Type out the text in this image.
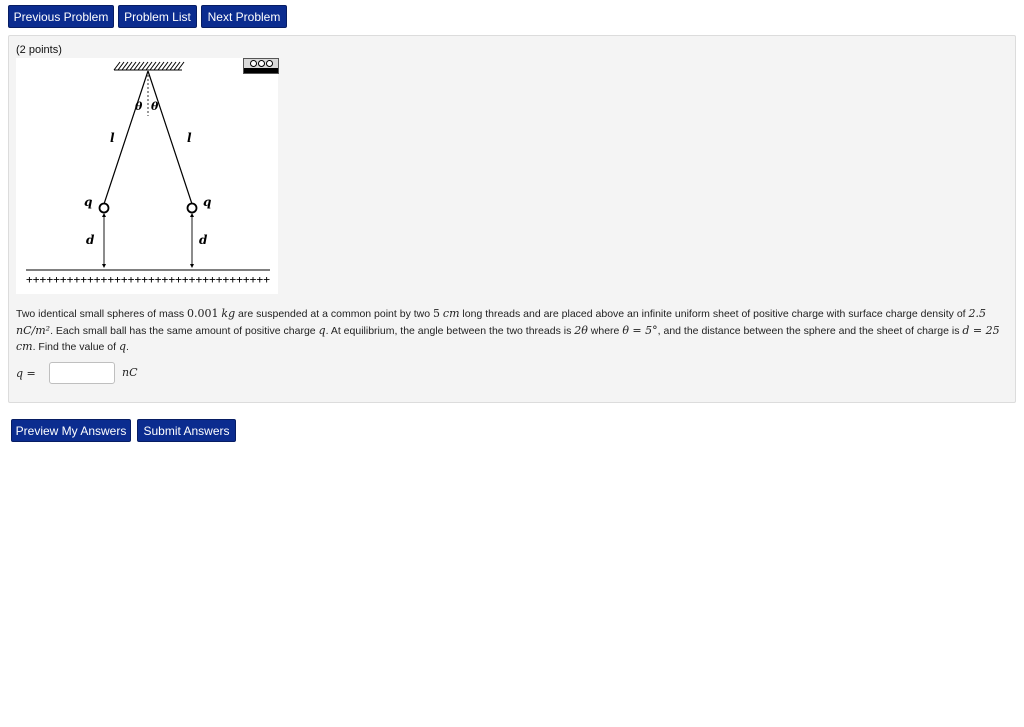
Previous Problem	Problem List	Next Problem
(2 points)
θ θ
l	l
q	q
d	d
++++++++++++++++++++++++++++++++++++
Two identical small spheres of mass 0.001 kg are suspended at a common point by two 5 cm long threads and are placed above an infinite uniform sheet of positive charge with surface charge density of 2.5 nC/m². Each small ball has the same amount of positive charge q. At equilibrium, the angle between the two threads is 2θ where θ = 5°, and the distance between the sphere and the sheet of charge is d = 25 cm. Find the value of q.
q =	nC
Preview My Answers	Submit Answers
